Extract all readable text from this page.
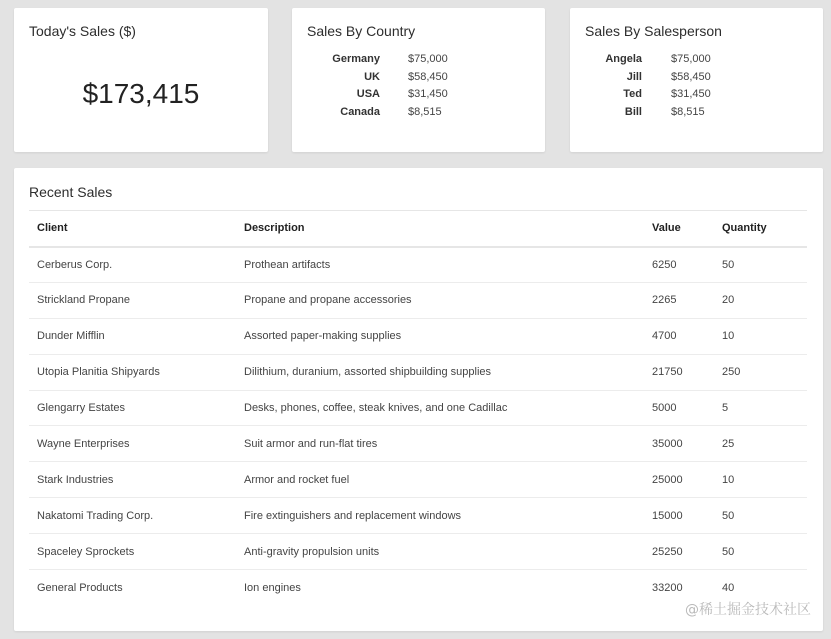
Today's Sales ($)
$173,415
Sales By Country
Germany	$75,000
UK	$58,450
USA	$31,450
Canada	$8,515
Sales By Salesperson
Angela	$75,000
Jill	$58,450
Ted	$31,450
Bill	$8,515
Recent Sales
Client	Description	Value	Quantity
Cerberus Corp.	Prothean artifacts	6250	50
Strickland Propane	Propane and propane accessories	2265	20
Dunder Mifflin	Assorted paper-making supplies	4700	10
Utopia Planitia Shipyards	Dilithium, duranium, assorted shipbuilding supplies	21750	250
Glengarry Estates	Desks, phones, coffee, steak knives, and one Cadillac	5000	5
Wayne Enterprises	Suit armor and run-flat tires	35000	25
Stark Industries	Armor and rocket fuel	25000	10
Nakatomi Trading Corp.	Fire extinguishers and replacement windows	15000	50
Spaceley Sprockets	Anti-gravity propulsion units	25250	50
General Products	Ion engines	33200	40
@稀土掘金技术社区
